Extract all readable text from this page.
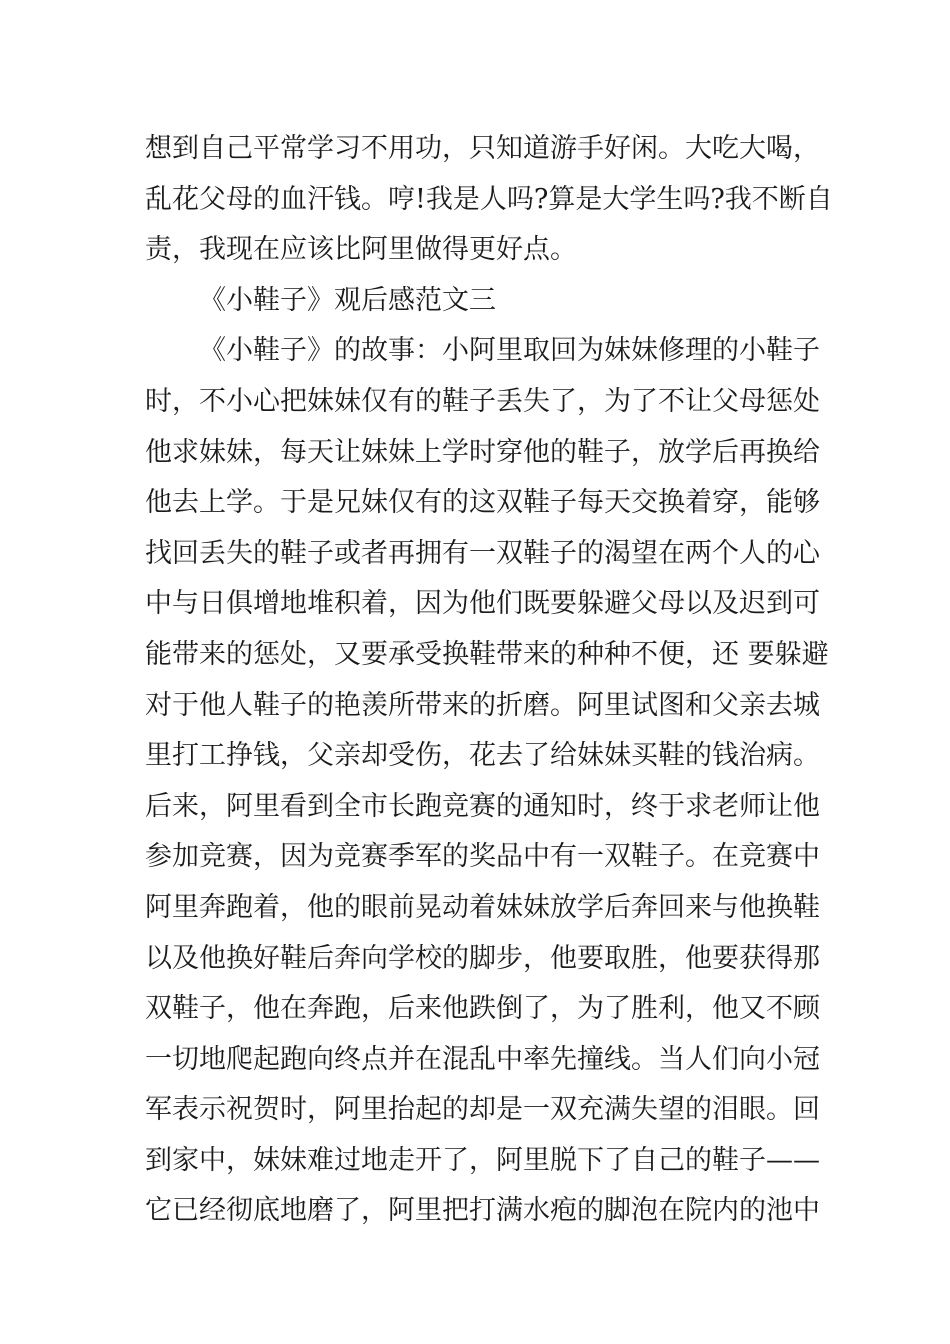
想到自己平常学习不用功，只知道游手好闲。大吃大喝，
乱花父母的血汗钱。哼!我是人吗?算是大学生吗?我不断自
责，我现在应该比阿里做得更好点。
《小鞋子》观后感范文三
《小鞋子》的故事：小阿里取回为妹妹修理的小鞋子
时，不小心把妹妹仅有的鞋子丢失了，为了不让父母惩处
他求妹妹，每天让妹妹上学时穿他的鞋子，放学后再换给
他去上学。于是兄妹仅有的这双鞋子每天交换着穿，能够
找回丢失的鞋子或者再拥有一双鞋子的渴望在两个人的心
中与日俱增地堆积着，因为他们既要躲避父母以及迟到可
能带来的惩处，又要承受换鞋带来的种种不便，还 要躲避
对于他人鞋子的艳羡所带来的折磨。阿里试图和父亲去城
里打工挣钱，父亲却受伤，花去了给妹妹买鞋的钱治病。
后来，阿里看到全市长跑竞赛的通知时，终于求老师让他
参加竞赛，因为竞赛季军的奖品中有一双鞋子。在竞赛中
阿里奔跑着，他的眼前晃动着妹妹放学后奔回来与他换鞋
以及他换好鞋后奔向学校的脚步，他要取胜，他要获得那
双鞋子，他在奔跑，后来他跌倒了，为了胜利，他又不顾
一切地爬起跑向终点并在混乱中率先撞线。当人们向小冠
军表示祝贺时，阿里抬起的却是一双充满失望的泪眼。回
到家中，妹妹难过地走开了，阿里脱下了自己的鞋子——
它已经彻底地磨了，阿里把打满水疱的脚泡在院内的池中
